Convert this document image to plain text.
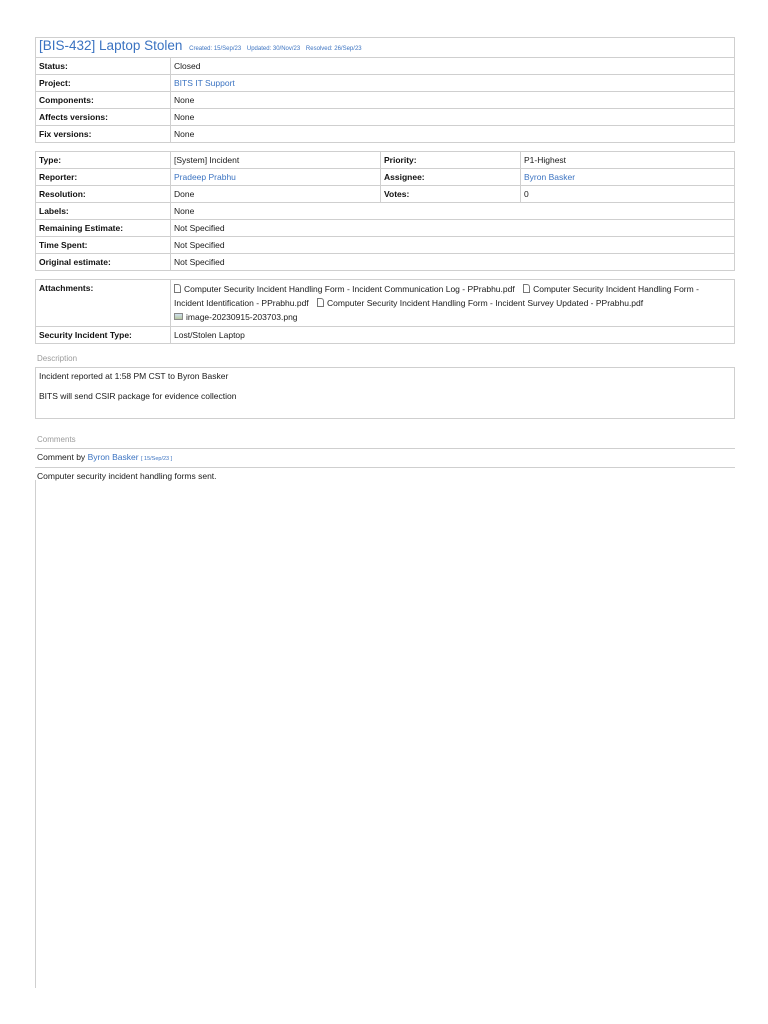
[BIS-432] Laptop Stolen Created: 15/Sep/23 Updated: 30/Nov/23 Resolved: 26/Sep/23	
Status:	Closed
Project:	BITS IT Support
Components:	None
Affects versions:	None
Fix versions:	None
Type:	[System] Incident	Priority:	P1-Highest
Reporter:	Pradeep Prabhu	Assignee:	Byron Basker
Resolution:	Done	Votes:	0
Labels:	None		
Remaining Estimate:	Not Specified		
Time Spent:	Not Specified		
Original estimate:	Not Specified		
Attachments:	Computer Security Incident Handling Form - Incident Communication Log - PPrabhu.pdf Computer Security Incident Handling Form - Incident Identification - PPrabhu.pdf Computer Security Incident Handling Form - Incident Survey Updated - PPrabhu.pdf
image-20230915-203703.png
Security Incident Type:	Lost/Stolen Laptop
Description

Incident reported at 1:58 PM CST to Byron Basker

BITS will send CSIR package for evidence collection

Comments
Comment by Byron Basker [ 15/Sep/23 ]
Computer security incident handling forms sent.
